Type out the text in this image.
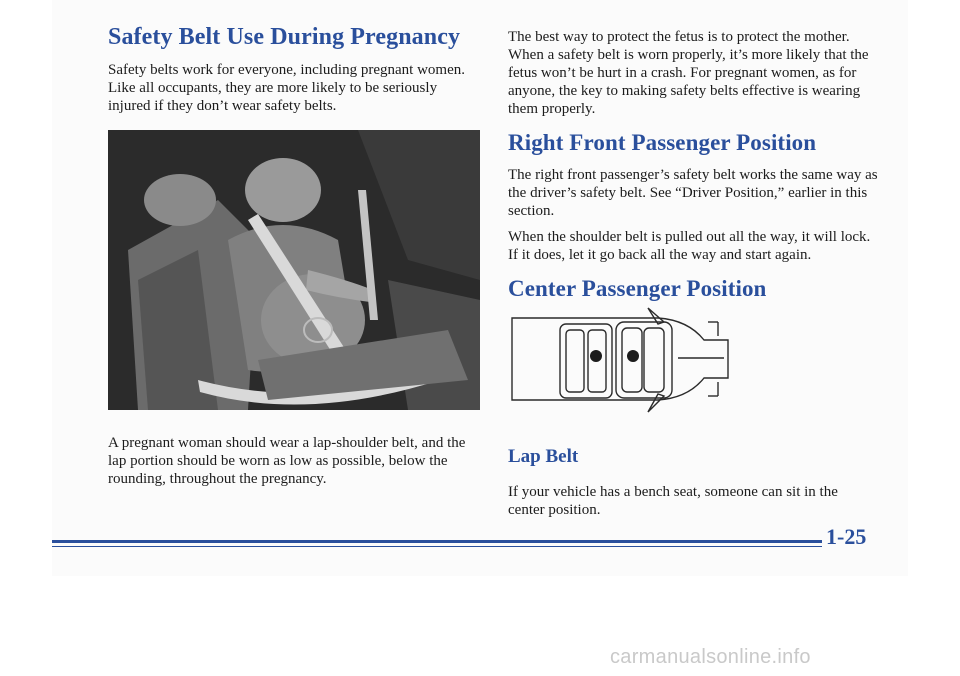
Safety Belt Use During Pregnancy

Safety belts work for everyone, including pregnant women. Like all occupants, they are more likely to be seriously injured if they don’t wear safety belts.

A pregnant woman should wear a lap-shoulder belt, and the lap portion should be worn as low as possible, below the rounding, throughout the pregnancy.

The best way to protect the fetus is to protect the mother. When a safety belt is worn properly, it’s more likely that the fetus won’t be hurt in a crash. For pregnant women, as for anyone, the key to making safety belts effective is wearing them properly.

Right Front Passenger Position

The right front passenger’s safety belt works the same way as the driver’s safety belt. See “Driver Position,” earlier in this section.

When the shoulder belt is pulled out all the way, it will lock. If it does, let it go back all the way and start again.

Center Passenger Position
Lap Belt

If your vehicle has a bench seat, someone can sit in the center position.

1-25
carmanualsonline.info
